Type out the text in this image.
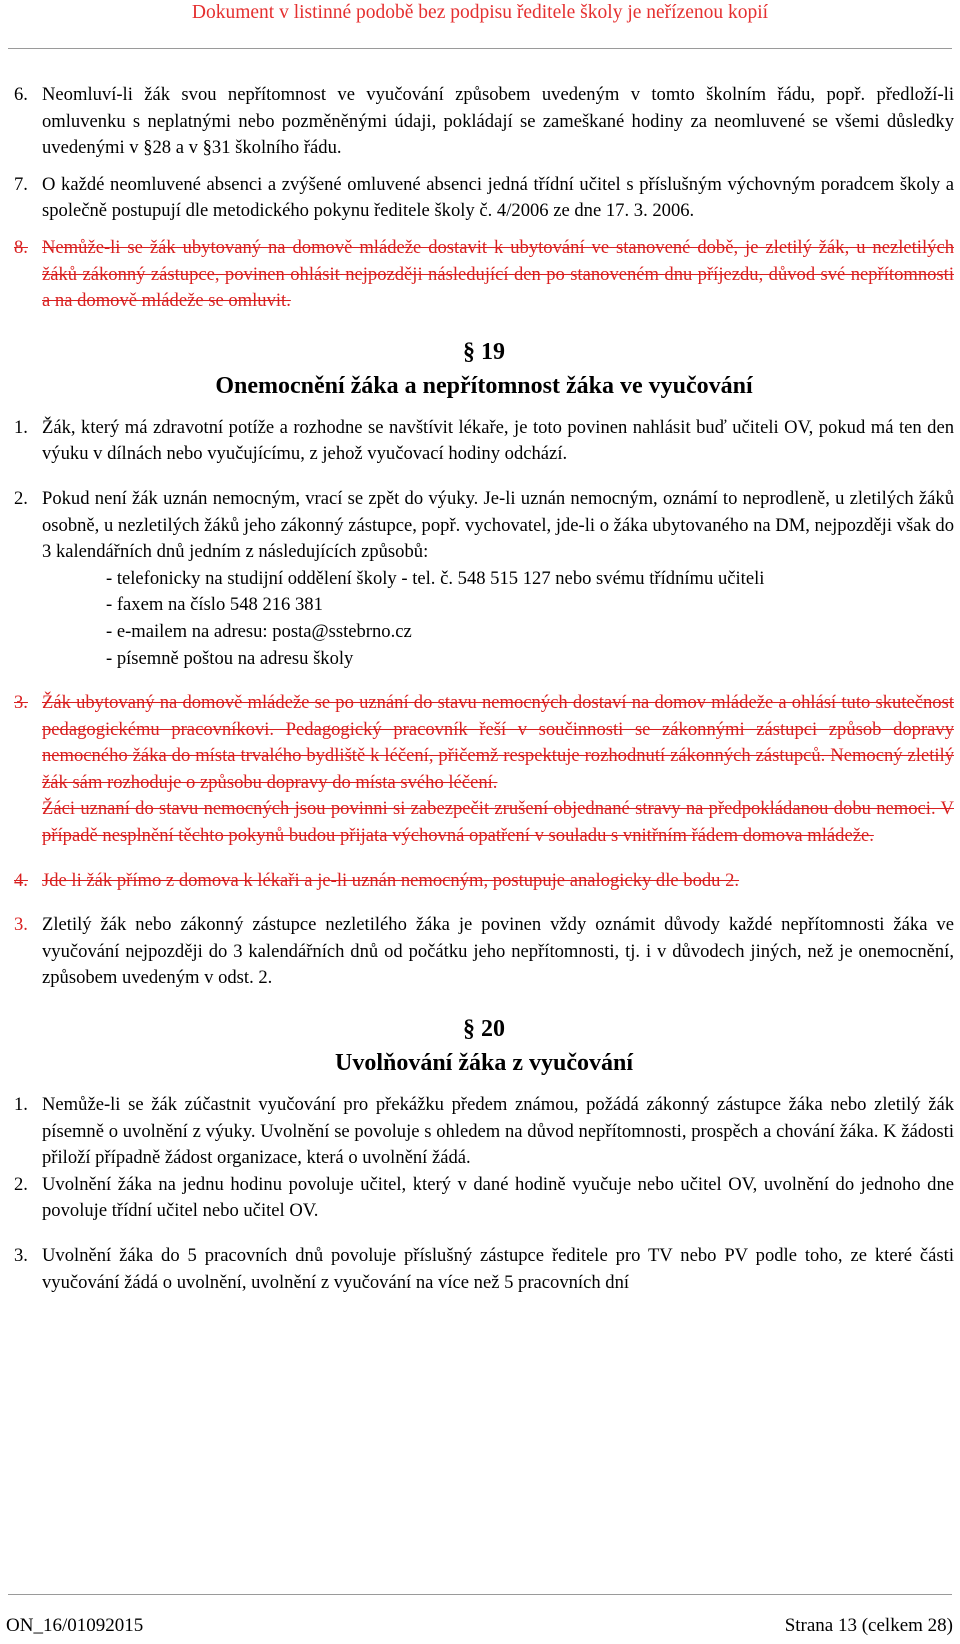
Dokument v listinné podobě bez podpisu ředitele školy je neřízenou kopií
6. Neomluví-li žák svou nepřítomnost ve vyučování způsobem uvedeným v tomto školním řádu, popř. předloží-li omluvenku s neplatnými nebo pozměněnými údaji, pokládají se zameškané hodiny za neomluvené se všemi důsledky uvedenými v §28 a v §31 školního řádu.
7. O každé neomluvené absenci a zvýšené omluvené absenci jedná třídní učitel s příslušným výchovným poradcem školy a společně postupují dle metodického pokynu ředitele školy č. 4/2006 ze dne 17. 3. 2006.
8. Nemůže-li se žák ubytovaný na domově mládeže dostavit k ubytování ve stanovené době, je zletilý žák, u nezletilých žáků zákonný zástupce, povinen ohlásit nejpozději následující den po stanoveném dnu příjezdu, důvod své nepřítomnosti a na domově mládeže se omluvit.
§ 19
Onemocnění žáka a nepřítomnost žáka ve vyučování
1. Žák, který má zdravotní potíže a rozhodne se navštívit lékaře, je toto povinen nahlásit buď učiteli OV, pokud má ten den výuku v dílnách nebo vyučujícímu, z jehož vyučovací hodiny odchází.
2. Pokud není žák uznán nemocným, vrací se zpět do výuky. Je-li uznán nemocným, oznámí to neprodleně, u zletilých žáků osobně, u nezletilých žáků jeho zákonný zástupce, popř. vychovatel, jde-li o žáka ubytovaného na DM, nejpozději však do 3 kalendářních dnů jedním z následujících způsobů:
- telefonicky na studijní oddělení školy - tel. č. 548 515 127 nebo svému třídnímu učiteli
- faxem na číslo 548 216 381
- e-mailem na adresu: posta@sstebrno.cz
- písemně poštou na adresu školy
3. Žák ubytovaný na domově mládeže se po uznání do stavu nemocných dostaví na domov mládeže a ohlásí tuto skutečnost pedagogickému pracovníkovi. Pedagogický pracovník řeší v součinnosti se zákonnými zástupci způsob dopravy nemocného žáka do místa trvalého bydliště k léčení, přičemž respektuje rozhodnutí zákonných zástupců. Nemocný zletilý žák sám rozhoduje o způsobu dopravy do místa svého léčení.
Žáci uznaní do stavu nemocných jsou povinni si zabezpečit zrušení objednané stravy na předpokládanou dobu nemoci. V případě nesplnění těchto pokynů budou přijata výchovná opatření v souladu s vnitřním řádem domova mládeže.
4. Jde li žák přímo z domova k lékaři a je-li uznán nemocným, postupuje analogicky dle bodu 2.
3. Zletilý žák nebo zákonný zástupce nezletilého žáka je povinen vždy oznámit důvody každé nepřítomnosti žáka ve vyučování nejpozději do 3 kalendářních dnů od počátku jeho nepřítomnosti, tj. i v důvodech jiných, než je onemocnění, způsobem uvedeným v odst. 2.
§ 20
Uvolňování žáka z vyučování
1. Nemůže-li se žák zúčastnit vyučování pro překážku předem známou, požádá zákonný zástupce žáka nebo zletilý žák písemně o uvolnění z výuky. Uvolnění se povoluje s ohledem na důvod nepřítomnosti, prospěch a chování žáka. K žádosti přiloží případně žádost organizace, která o uvolnění žádá.
2. Uvolnění žáka na jednu hodinu povoluje učitel, který v dané hodině vyučuje nebo učitel OV, uvolnění do jednoho dne povoluje třídní učitel nebo učitel OV.
3. Uvolnění žáka do 5 pracovních dnů povoluje příslušný zástupce ředitele pro TV nebo PV podle toho, ze které části vyučování žádá o uvolnění, uvolnění z vyučování na více než 5 pracovních dní
ON_16/01092015	Strana 13 (celkem 28)
